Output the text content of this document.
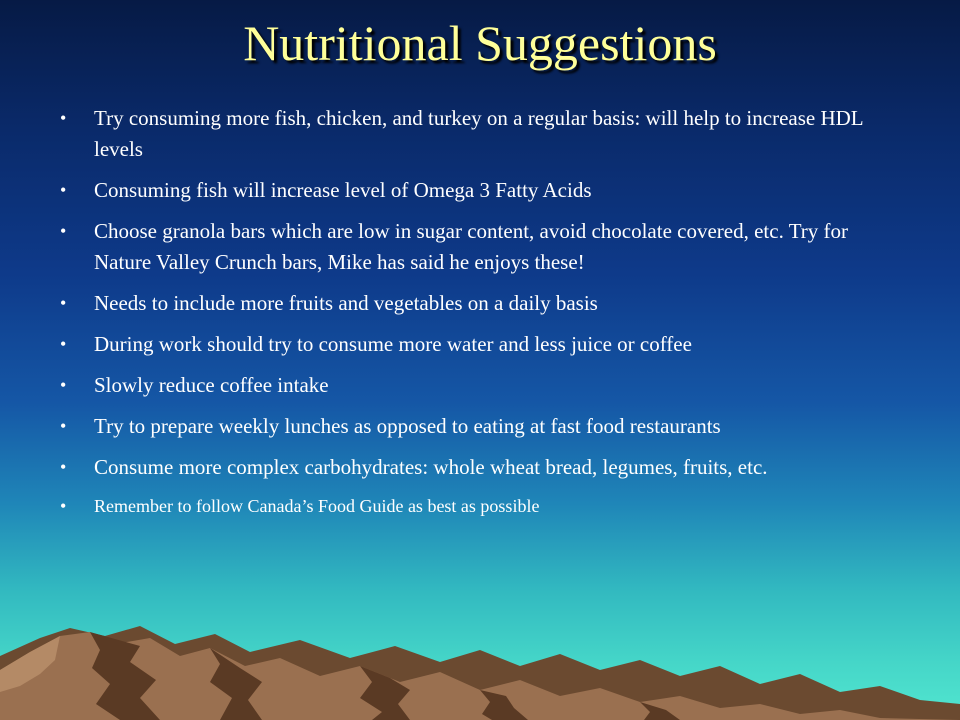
Nutritional Suggestions
• Try consuming more fish, chicken, and turkey on a regular basis: will help to increase HDL levels
• Consuming fish will increase level of Omega 3 Fatty Acids
• Choose granola bars which are low in sugar content, avoid chocolate covered, etc. Try for Nature Valley Crunch bars, Mike has said he enjoys these!
• Needs to include more fruits and vegetables on a daily basis
• During work should try to consume more water and less juice or coffee
• Slowly reduce coffee intake
• Try to prepare weekly lunches as opposed to eating at fast food restaurants
• Consume more complex carbohydrates: whole wheat bread, legumes, fruits, etc.
• Remember to follow Canada’s Food Guide as best as possible
